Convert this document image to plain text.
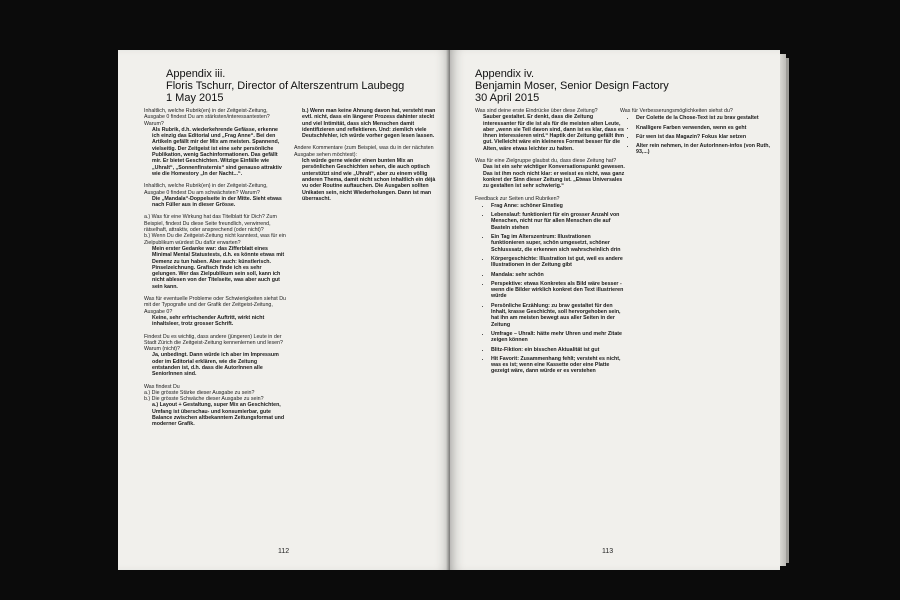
Appendix iii.
Floris Tschurr, Director of Alterszentrum Laubegg
1 May 2015
Inhaltlich, welche Rubrik(en) in der Zeitgeist-Zeitung, Ausgabe 0 findest Du am stärksten/interessantesten? Warum?
Als Rubrik, d.h. wiederkehrende Gefässe, erkenne ich einzig das Editorial und „Frag Anne“. Bei den Artikeln gefällt mir der Mix am meisten. Spannend, vielseitig. Der Zeitgeist ist eine sehr persönliche Publikation, wenig Sachinformationen. Das gefällt mir. Er bietet Geschichten. Witzige Einfälle wie „Uhralt“, „Sonnenfinsternis“ sind genauso attraktiv wie die Homestory „In der Nacht...“.
Inhaltlich, welche Rubrik(en) in der Zeitgeist-Zeitung, Ausgabe 0 findest Du am schwächsten? Warum?
Die „Mandala“-Doppelseite in der Mitte. Sieht etwas nach Füller aus in dieser Grösse.
a.) Was für eine Wirkung hat das Titelblatt für Dich? Zum Beispiel, findest Du diese Seite freundlich, verwirrend, rätselhaft, attraktiv, oder ansprechend (oder nicht)?
b.) Wenn Du die Zeitgeist-Zeitung nicht kanntest, was für ein Zielpublikum würdest Du dafür erwarten?
Mein erster Gedanke war: das Zifferblatt eines Minimal Mental Statustests, d.h. es könnte etwas mit Demenz zu tun haben. Aber auch: künstlerisch. Pinselzeichnung. Grafisch finde ich es sehr gelungen. Wer das Zielpublikum sein soll, kann ich nicht ablesen von der Titelseite, was aber auch gut sein kann.
Was für eventuelle Probleme oder Schwierigkeiten siehst Du mit der Typografie und der Grafik der Zeitgeist-Zeitung, Ausgabe 0?
Keine, sehr erfrischender Auftritt, wirkt nicht inhaltsleer, trotz grosser Schrift.
Findest Du es wichtig, dass andere (jüngeren) Leute in der Stadt Zürich die Zeitgeist-Zeitung kennenlernen und lesen? Warum (nicht)?
Ja, unbedingt. Dann würde ich aber im Impressum oder im Editorial erklären, wie die Zeitung entstanden ist, d.h. dass die AutorInnen alle SeniorInnen sind.
Was findest Du
a.) Die grösste Stärke dieser Ausgabe zu sein?
b.) Die grösste Schwäche dieser Ausgabe zu sein?
a.) Layout + Gestaltung, super Mix an Geschichten, Umfang ist überschau- und konsumierbar, gute Balance zwischen altbekanntem Zeitungsformat und moderner Grafik.
b.) Wenn man keine Ahnung davon hat, versteht man evtl. nicht, dass ein längerer Prozess dahinter steckt und viel Intimität, dass sich Menschen damit identifizieren und reflektieren. Und: ziemlich viele Deutschfehler, ich würde vorher gegen lesen lassen.
Andere Kommentare (zum Beispiel, was du in der nächsten Ausgabe sehen möchtest):
Ich würde gerne wieder einen bunten Mix an persönlichen Geschichten sehen, die auch optisch unterstützt sind wie „Uhralt“, aber zu einem völlig anderen Thema, damit nicht schon inhaltlich ein déjà vu oder Routine auftauchen. Die Ausgaben sollten Unikaten sein, nicht Wiederholungen. Dann ist man überrascht.
112
Appendix iv.
Benjamin Moser, Senior Design Factory
30 April 2015
Was sind deine erste Eindrücke über diese Zeitung?
Sauber gestaltet. Er denkt, dass die Zeitung interessanter für die ist als für die meisten alten Leute, aber „wenn sie Teil davon sind, dann ist es klar, dass es ihnen interessieren wird.“ Haptik der Zeitung gefällt ihm gut. Vielleicht wäre ein kleineres Format besser für die Alten, wäre etwas leichter zu halten.
Was für eine Zielgruppe glaubst du, dass diese Zeitung hat?
Das ist ein sehr wichtiger Konversationspunkt gewesen. Das ist ihm noch nicht klar: er weisst es nicht, was ganz konkret der Sinn dieser Zeitung ist. „Etwas Universales zu gestalten ist sehr schwierig.“
Feedback zur Seiten und Rubriken?
• Frag Anne: schöner Einstieg
• Lebenslauf: funktioniert für ein grosser Anzahl von Menschen, nicht nur für allen Menschen die auf Basteln stehen
• Ein Tag im Alterszentrum: Illustrationen funktionieren super, schön umgesetzt, schöner Schlusssatz, die erkennen sich wahrscheinlich drin
• Körpergeschichte: Illustration ist gut, weil es andere Illustrationen in der Zeitung gibt
• Mandala: sehr schön
• Perspektive: etwas Konkretes als Bild wäre besser - wenn die Bilder wirklich konkret den Text illustrieren würde
• Persönliche Erzählung: zu brav gestaltet für den Inhalt, krasse Geschichte, soll hervorgehoben sein, hat ihn am meisten bewegt aus aller Seiten in der Zeitung
• Umfrage – Uhralt: hätte mehr Uhren und mehr Zitate zeigen können
• Blitz-Fiktion: ein bisschen Aktualität ist gut
• Hit Favorit: Zusammenhang fehlt; versteht es nicht, was es ist; wenn eine Kassette oder eine Platte gezeigt wäre, dann würde er es verstehen
Was für Verbesserungsmöglichkeiten siehst du?
• Der Colette de la Chose-Text ist zu brav gestaltet
• Knalligere Farben verwenden, wenn es geht
• Für wen ist das Magazin? Fokus klar setzen
• Alter rein nehmen, in der AutorInnen-infos (von Ruth, 93,...)
113
